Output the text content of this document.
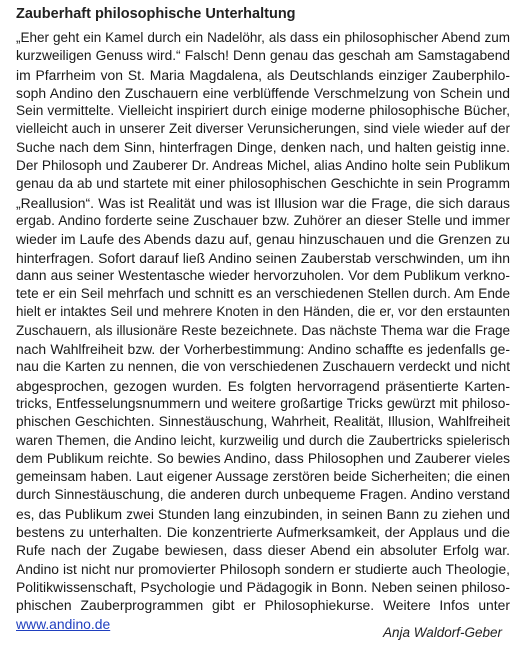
Zauberhaft philosophische Unterhaltung
„Eher geht ein Kamel durch ein Nadelöhr, als dass ein philosophischer Abend zum
kurzweiligen Genuss wird.“ Falsch! Denn genau das geschah am Samstagabend
im Pfarrheim von St. Maria Magdalena, als Deutschlands einziger Zauberphilo-
soph Andino den Zuschauern eine verblüffende Verschmelzung von Schein und
Sein vermittelte. Vielleicht inspiriert durch einige moderne philosophische Bücher,
vielleicht auch in unserer Zeit diverser Verunsicherungen, sind viele wieder auf der
Suche nach dem Sinn, hinterfragen Dinge, denken nach, und halten geistig inne.
Der Philosoph und Zauberer Dr. Andreas Michel, alias Andino holte sein Publikum
genau da ab und startete mit einer philosophischen Geschichte in sein Programm
„Reallusion“. Was ist Realität und was ist Illusion war die Frage, die sich daraus
ergab. Andino forderte seine Zuschauer bzw. Zuhörer an dieser Stelle und immer
wieder im Laufe des Abends dazu auf, genau hinzuschauen und die Grenzen zu
hinterfragen. Sofort darauf ließ Andino seinen Zauberstab verschwinden, um ihn
dann aus seiner Westentasche wieder hervorzuholen. Vor dem Publikum verkno-
tete er ein Seil mehrfach und schnitt es an verschiedenen Stellen durch. Am Ende
hielt er intaktes Seil und mehrere Knoten in den Händen, die er, vor den erstaunten
Zuschauern, als illusionäre Reste bezeichnete. Das nächste Thema war die Frage
nach Wahlfreiheit bzw. der Vorherbestimmung: Andino schaffte es jedenfalls ge-
nau die Karten zu nennen, die von verschiedenen Zuschauern verdeckt und nicht
abgesprochen, gezogen wurden. Es folgten hervorragend präsentierte Karten-
tricks, Entfesselungsnummern und weitere großartige Tricks gewürzt mit philoso-
phischen Geschichten. Sinnestäuschung, Wahrheit, Realität, Illusion, Wahlfreiheit
waren Themen, die Andino leicht, kurzweilig und durch die Zaubertricks spielerisch
dem Publikum reichte. So bewies Andino, dass Philosophen und Zauberer vieles
gemeinsam haben. Laut eigener Aussage zerstören beide Sicherheiten; die einen
durch Sinnestäuschung, die anderen durch unbequeme Fragen. Andino verstand
es, das Publikum zwei Stunden lang einzubinden, in seinen Bann zu ziehen und
bestens zu unterhalten. Die konzentrierte Aufmerksamkeit, der Applaus und die
Rufe nach der Zugabe bewiesen, dass dieser Abend ein absoluter Erfolg war.
Andino ist nicht nur promovierter Philosoph sondern er studierte auch Theologie,
Politikwissenschaft, Psychologie und Pädagogik in Bonn. Neben seinen philoso-
phischen Zauberprogrammen gibt er Philosophiekurse. Weitere Infos unter
www.andino.de
Anja Waldorf-Geber
